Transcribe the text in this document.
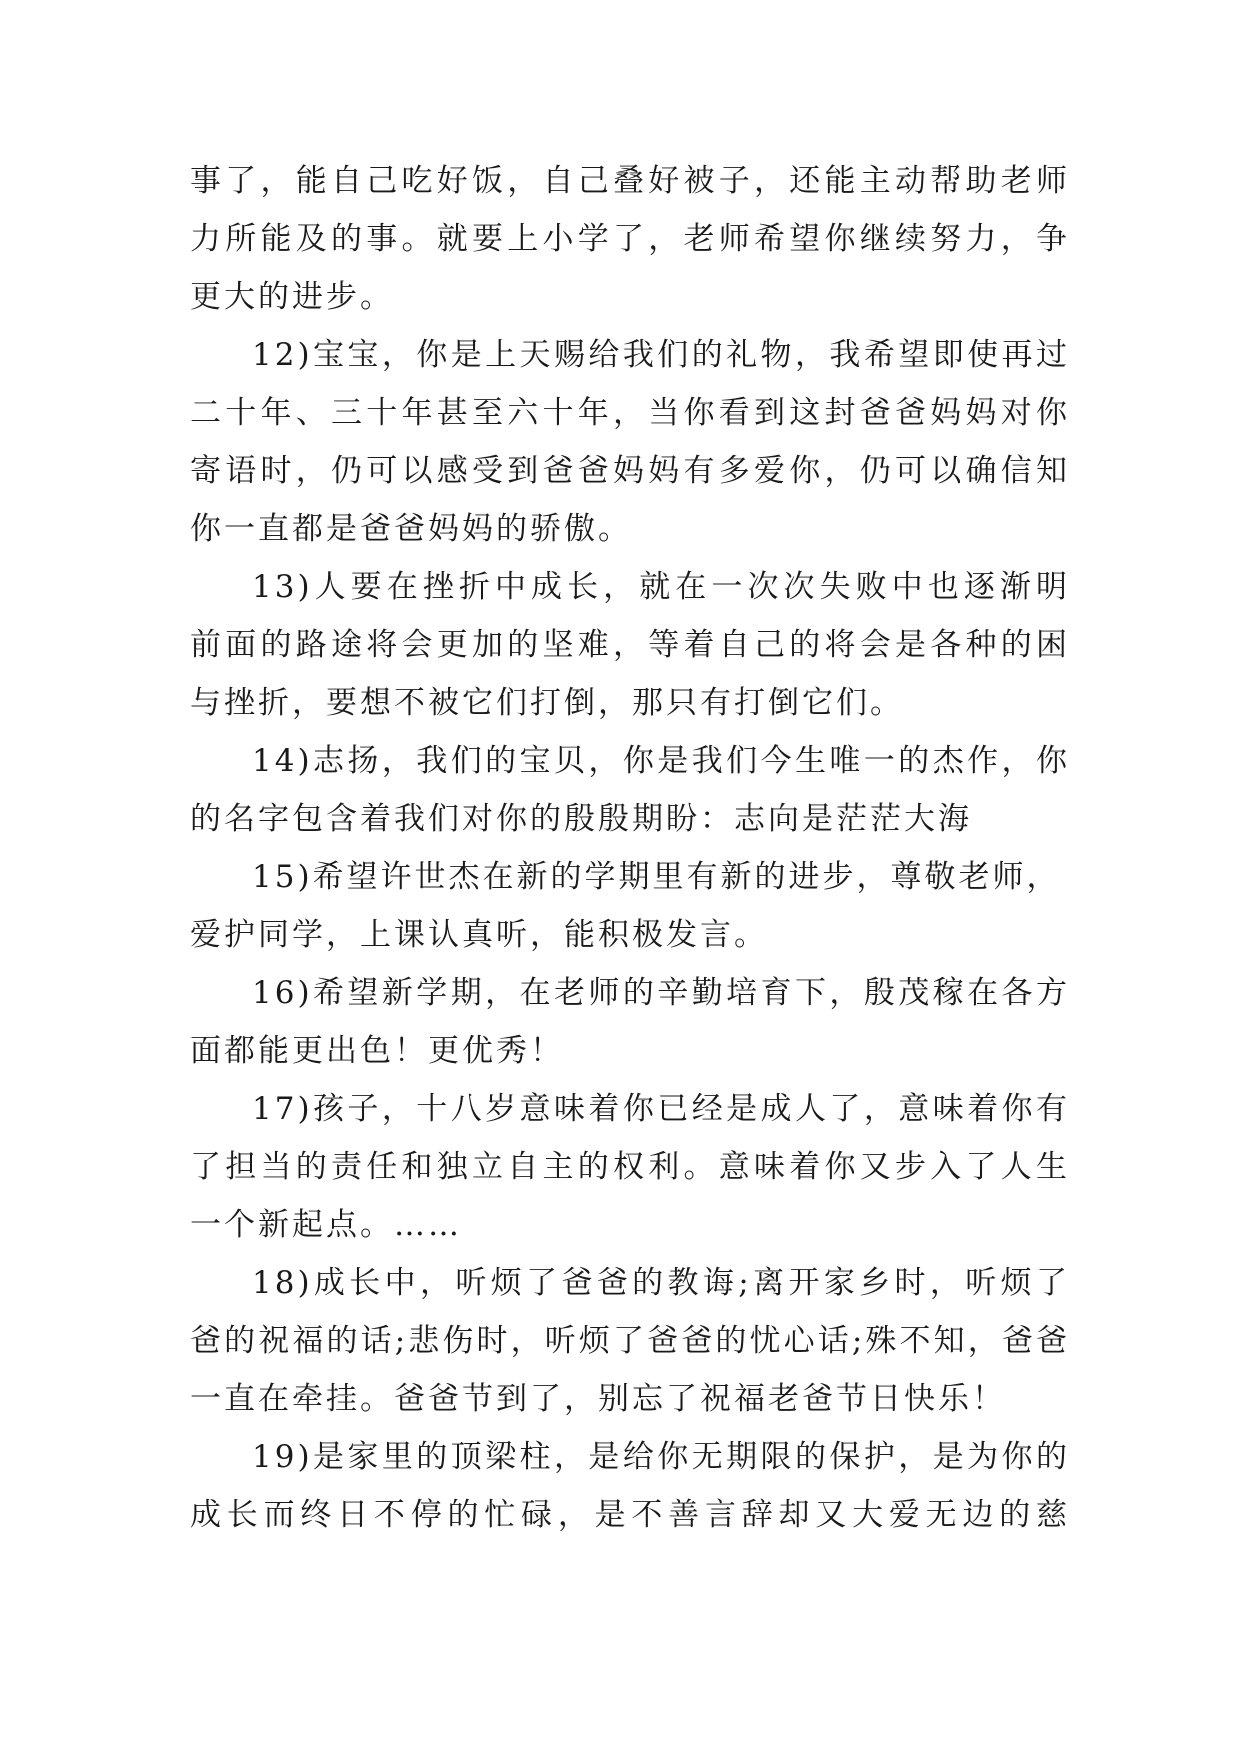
事了，能自己吃好饭，自己叠好被子，还能主动帮助老师
力所能及的事。就要上小学了，老师希望你继续努力，争
更大的进步。
12)宝宝，你是上天赐给我们的礼物，我希望即使再过
二十年、三十年甚至六十年，当你看到这封爸爸妈妈对你
寄语时，仍可以感受到爸爸妈妈有多爱你，仍可以确信知
你一直都是爸爸妈妈的骄傲。
13)人要在挫折中成长，就在一次次失败中也逐渐明
前面的路途将会更加的坚难，等着自己的将会是各种的困
与挫折，要想不被它们打倒，那只有打倒它们。
14)志扬，我们的宝贝，你是我们今生唯一的杰作，你
的名字包含着我们对你的殷殷期盼：志向是茫茫大海
15)希望许世杰在新的学期里有新的进步，尊敬老师，
爱护同学，上课认真听，能积极发言。
16)希望新学期，在老师的辛勤培育下，殷茂稼在各方
面都能更出色！更优秀！
17)孩子，十八岁意味着你已经是成人了，意味着你有
了担当的责任和独立自主的权利。意味着你又步入了人生
一个新起点。……
18)成长中，听烦了爸爸的教诲;离开家乡时，听烦了
爸的祝福的话;悲伤时，听烦了爸爸的忧心话;殊不知，爸爸
一直在牵挂。爸爸节到了，别忘了祝福老爸节日快乐！
19)是家里的顶梁柱，是给你无期限的保护，是为你的
成长而终日不停的忙碌，是不善言辞却又大爱无边的慈
